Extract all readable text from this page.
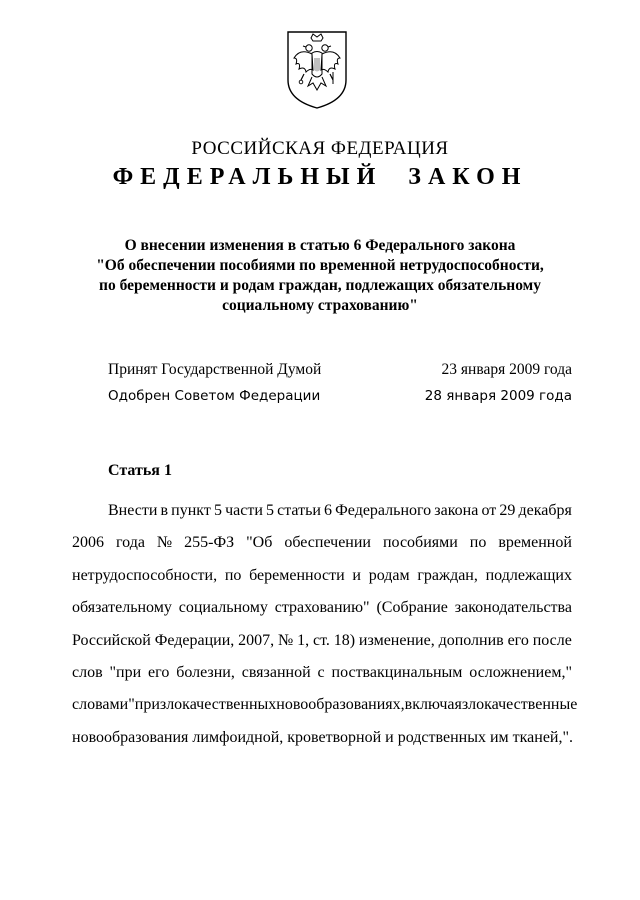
РОССИЙСКАЯ ФЕДЕРАЦИЯ
ФЕДЕРАЛЬНЫЙ ЗАКОН
О внесении изменения в статью 6 Федерального закона
"Об обеспечении пособиями по временной нетрудоспособности,
по беременности и родам граждан, подлежащих обязательному
социальному страхованию"
Принят Государственной Думой	23 января 2009 года
Одобрен Советом Федерации	28 января 2009 года
Статья 1
Внести в пункт 5 части 5 статьи 6 Федерального закона от 29 декабря
2006 года № 255-ФЗ "Об обеспечении пособиями по временной
нетрудоспособности, по беременности и родам граждан, подлежащих
обязательному социальному страхованию" (Собрание законодательства
Российской Федерации, 2007, № 1, ст. 18) изменение, дополнив его после
слов "при его болезни, связанной с поствакцинальным осложнением,"
словами "при злокачественных новообразованиях, включая злокачественные
новообразования лимфоидной, кроветворной и родственных им тканей,".
